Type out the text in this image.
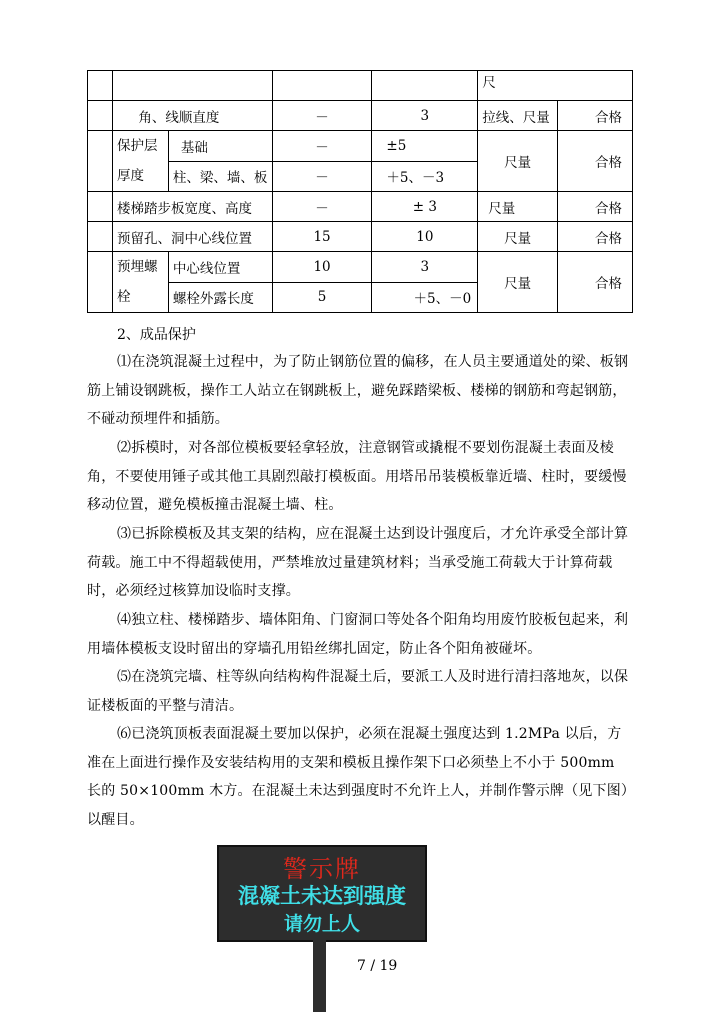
					尺	
	角、线顺直度		－	3	拉线、尺量	合格
	保护层厚度	基础	－	±5	尺量	合格
		柱、梁、墙、板	－	＋5、－3		
	楼梯踏步板宽度、高度		－	± 3	尺量	合格
	预留孔、洞中心线位置		15	10	尺量	合格
	预埋螺栓	中心线位置	10	3	尺量	合格
		螺栓外露长度	5	＋5、－0		
2、成品保护
⑴在浇筑混凝土过程中，为了防止钢筋位置的偏移，在人员主要通道处的梁、板钢筋上铺设钢跳板，操作工人站立在钢跳板上，避免踩踏梁板、楼梯的钢筋和弯起钢筋，不碰动预埋件和插筋。
⑵拆模时，对各部位模板要轻拿轻放，注意钢管或撬棍不要划伤混凝土表面及棱角，不要使用锤子或其他工具剧烈敲打模板面。用塔吊吊装模板靠近墙、柱时，要缓慢移动位置，避免模板撞击混凝土墙、柱。
⑶已拆除模板及其支架的结构，应在混凝土达到设计强度后，才允许承受全部计算荷载。施工中不得超载使用，严禁堆放过量建筑材料；当承受施工荷载大于计算荷载时，必须经过核算加设临时支撑。
⑷独立柱、楼梯踏步、墙体阳角、门窗洞口等处各个阳角均用废竹胶板包起来，利用墙体模板支设时留出的穿墙孔用铅丝绑扎固定，防止各个阳角被碰坏。
⑸在浇筑完墙、柱等纵向结构构件混凝土后，要派工人及时进行清扫落地灰，以保证楼板面的平整与清洁。
⑹已浇筑顶板表面混凝土要加以保护，必须在混凝土强度达到 1.2MPa 以后，方准在上面进行操作及安装结构用的支架和模板且操作架下口必须垫上不小于 500mm 长的 50×100mm 木方。在混凝土未达到强度时不允许上人，并制作警示牌（见下图）以醒目。
警示牌
混凝土未达到强度
请勿上人
7 / 19
